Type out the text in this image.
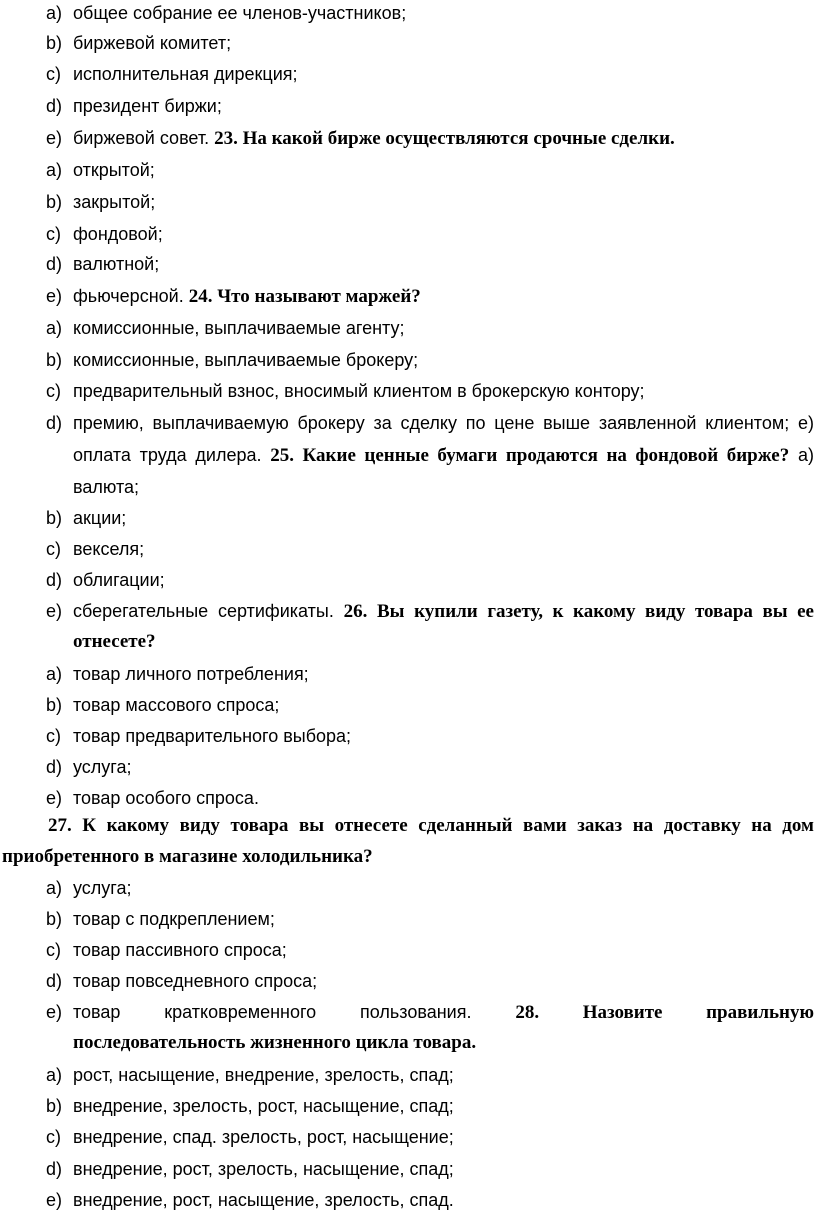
a) общее собрание ее членов-участников;
b) биржевой комитет;
c) исполнительная дирекция;
d) президент биржи;
e) биржевой совет. 23. На какой бирже осуществляются срочные сделки.
a) открытой;
b) закрытой;
c) фондовой;
d) валютной;
e) фьючерсной. 24. Что называют маржей?
a) комиссионные, выплачиваемые агенту;
b) комиссионные, выплачиваемые брокеру;
c) предварительный взнос, вносимый клиентом в брокерскую контору;
d) премию, выплачиваемую брокеру за сделку по цене выше заявленной клиентом; e)
оплата труда дилера. 25. Какие ценные бумаги продаются на фондовой бирже? a)
валюта;
b) акции;
c) векселя;
d) облигации;
e) сберегательные сертификаты. 26. Вы купили газету, к какому виду товара вы ее
отнесете?
a) товар личного потребления;
b) товар массового спроса;
c) товар предварительного выбора;
d) услуга;
e) товар особого спроса.
27. К какому виду товара вы отнесете сделанный вами заказ на доставку на дом
приобретенного в магазине холодильника?
a) услуга;
b) товар с подкреплением;
c) товар пассивного спроса;
d) товар повседневного спроса;
e) товар кратковременного пользования. 28. Назовите правильную
последовательность жизненного цикла товара.
a) рост, насыщение, внедрение, зрелость, спад;
b) внедрение, зрелость, рост, насыщение, спад;
c) внедрение, спад. зрелость, рост, насыщение;
d) внедрение, рост, зрелость, насыщение, спад;
e) внедрение, рост, насыщение, зрелость, спад.
